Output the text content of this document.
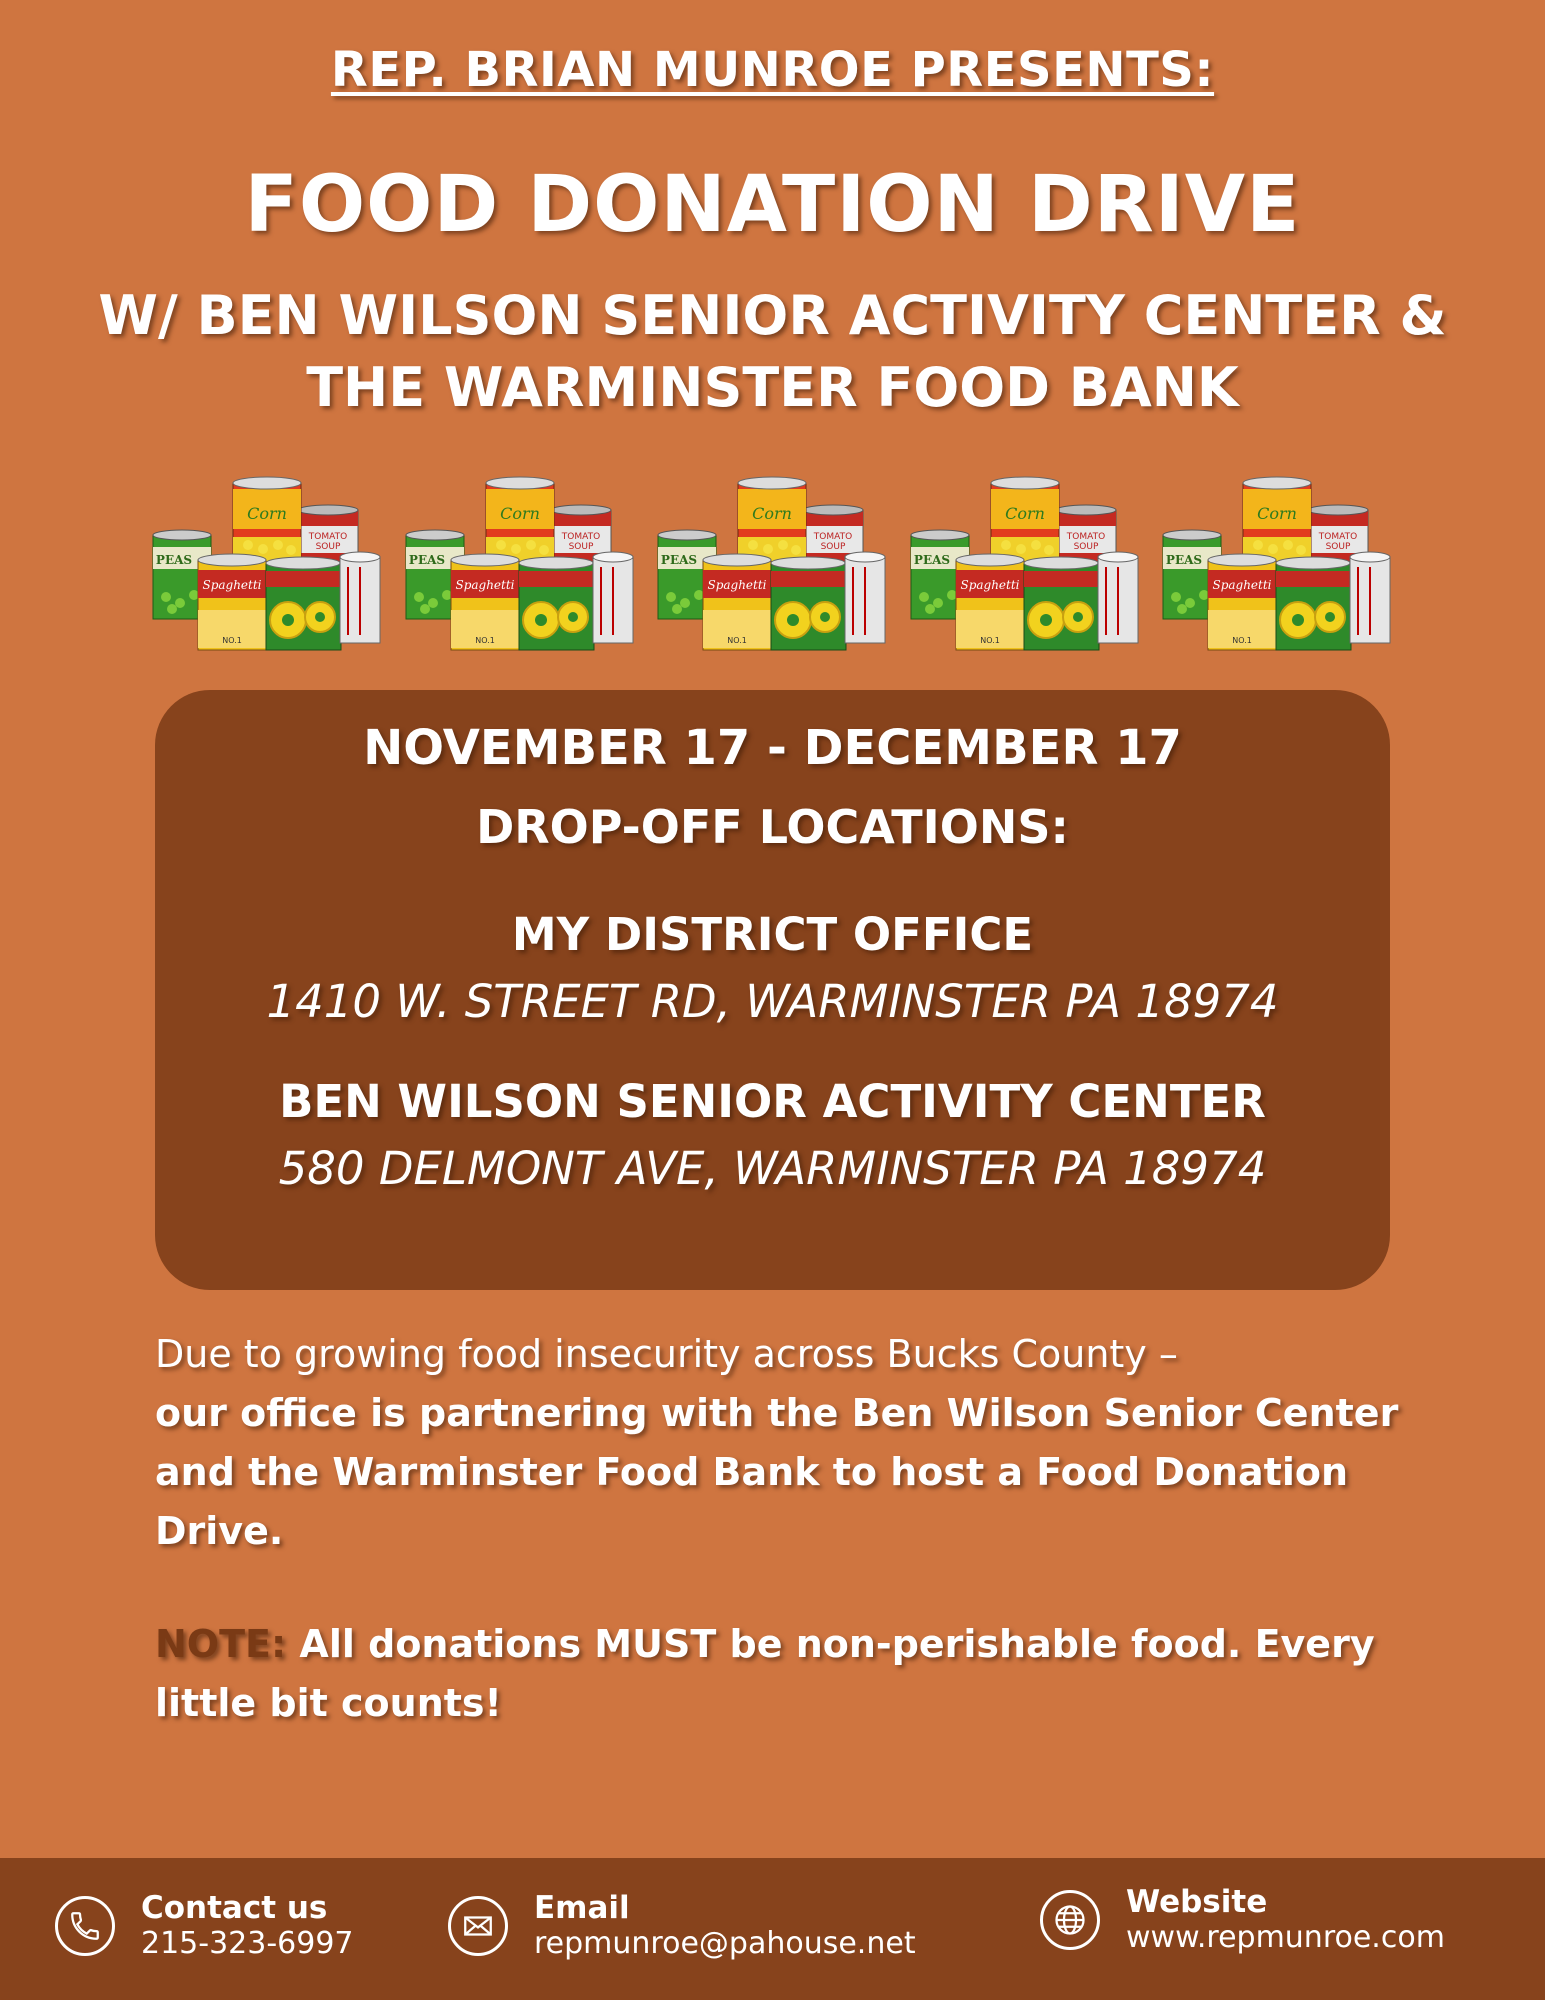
REP. BRIAN MUNROE PRESENTS:
FOOD DONATION DRIVE
W/ BEN WILSON SENIOR ACTIVITY CENTER &
THE WARMINSTER FOOD BANK
TOMATO
SOUP
Corn
PEAS
Spaghetti
NO.1
TOMATO
SOUP
Corn
PEAS
Spaghetti
NO.1
TOMATO
SOUP
Corn
PEAS
Spaghetti
NO.1
TOMATO
SOUP
Corn
PEAS
Spaghetti
NO.1
TOMATO
SOUP
Corn
PEAS
Spaghetti
NO.1
NOVEMBER 17 - DECEMBER 17
DROP-OFF LOCATIONS:
MY DISTRICT OFFICE
1410 W. STREET RD, WARMINSTER PA 18974
BEN WILSON SENIOR ACTIVITY CENTER
580 DELMONT AVE, WARMINSTER PA 18974
Due to growing food insecurity across Bucks County –
our office is partnering with the Ben Wilson Senior Center and the Warminster Food Bank to host a Food Donation Drive.
NOTE: All donations MUST be non-perishable food. Every little bit counts!
Contact us
215-323-6997
Email
repmunroe@pahouse.net
Website
www.repmunroe.com
